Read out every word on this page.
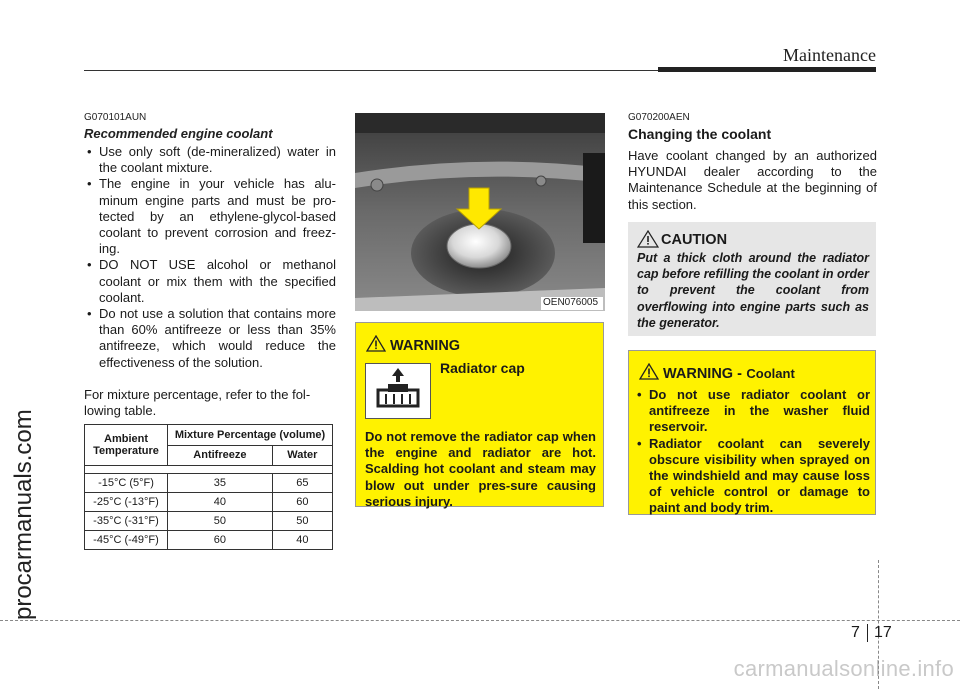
Maintenance
procarmanuals.com
carmanualsonline.info
G070101AUN
Recommended engine coolant
• Use only soft (de-mineralized) water in the coolant mixture.
• The engine in your vehicle has alu-minum engine parts and must be pro-tected by an ethylene-glycol-based coolant to prevent corrosion and freez-ing.
• DO NOT USE alcohol or methanol coolant or mix them with the specified coolant.
• Do not use a solution that contains more than 60% antifreeze or less than 35% antifreeze, which would reduce the effectiveness of the solution.
For mixture percentage, refer to the fol-lowing table.
Ambient Temperature	Mixture Percentage (volume)	
	Antifreeze	Water

-15°C (5°F)	35	65
-25°C (-13°F)	40	60
-35°C (-31°F)	50	50
-45°C (-49°F)	60	40
OEN076005
WARNING
Radiator cap
Do not remove the radiator cap when the engine and radiator are hot. Scalding hot coolant and steam may blow out under pres-sure causing serious injury.
G070200AEN
Changing the coolant
Have coolant changed by an authorized HYUNDAI dealer according to the Maintenance Schedule at the beginning of this section.
CAUTION
Put a thick cloth around the radiator cap before refilling the coolant in order to prevent the coolant from overflowing into engine parts such as the generator.
WARNING - Coolant
• Do not use radiator coolant or antifreeze in the washer fluid reservoir.
• Radiator coolant can severely obscure visibility when sprayed on the windshield and may cause loss of vehicle control or damage to paint and body trim.
7 17
